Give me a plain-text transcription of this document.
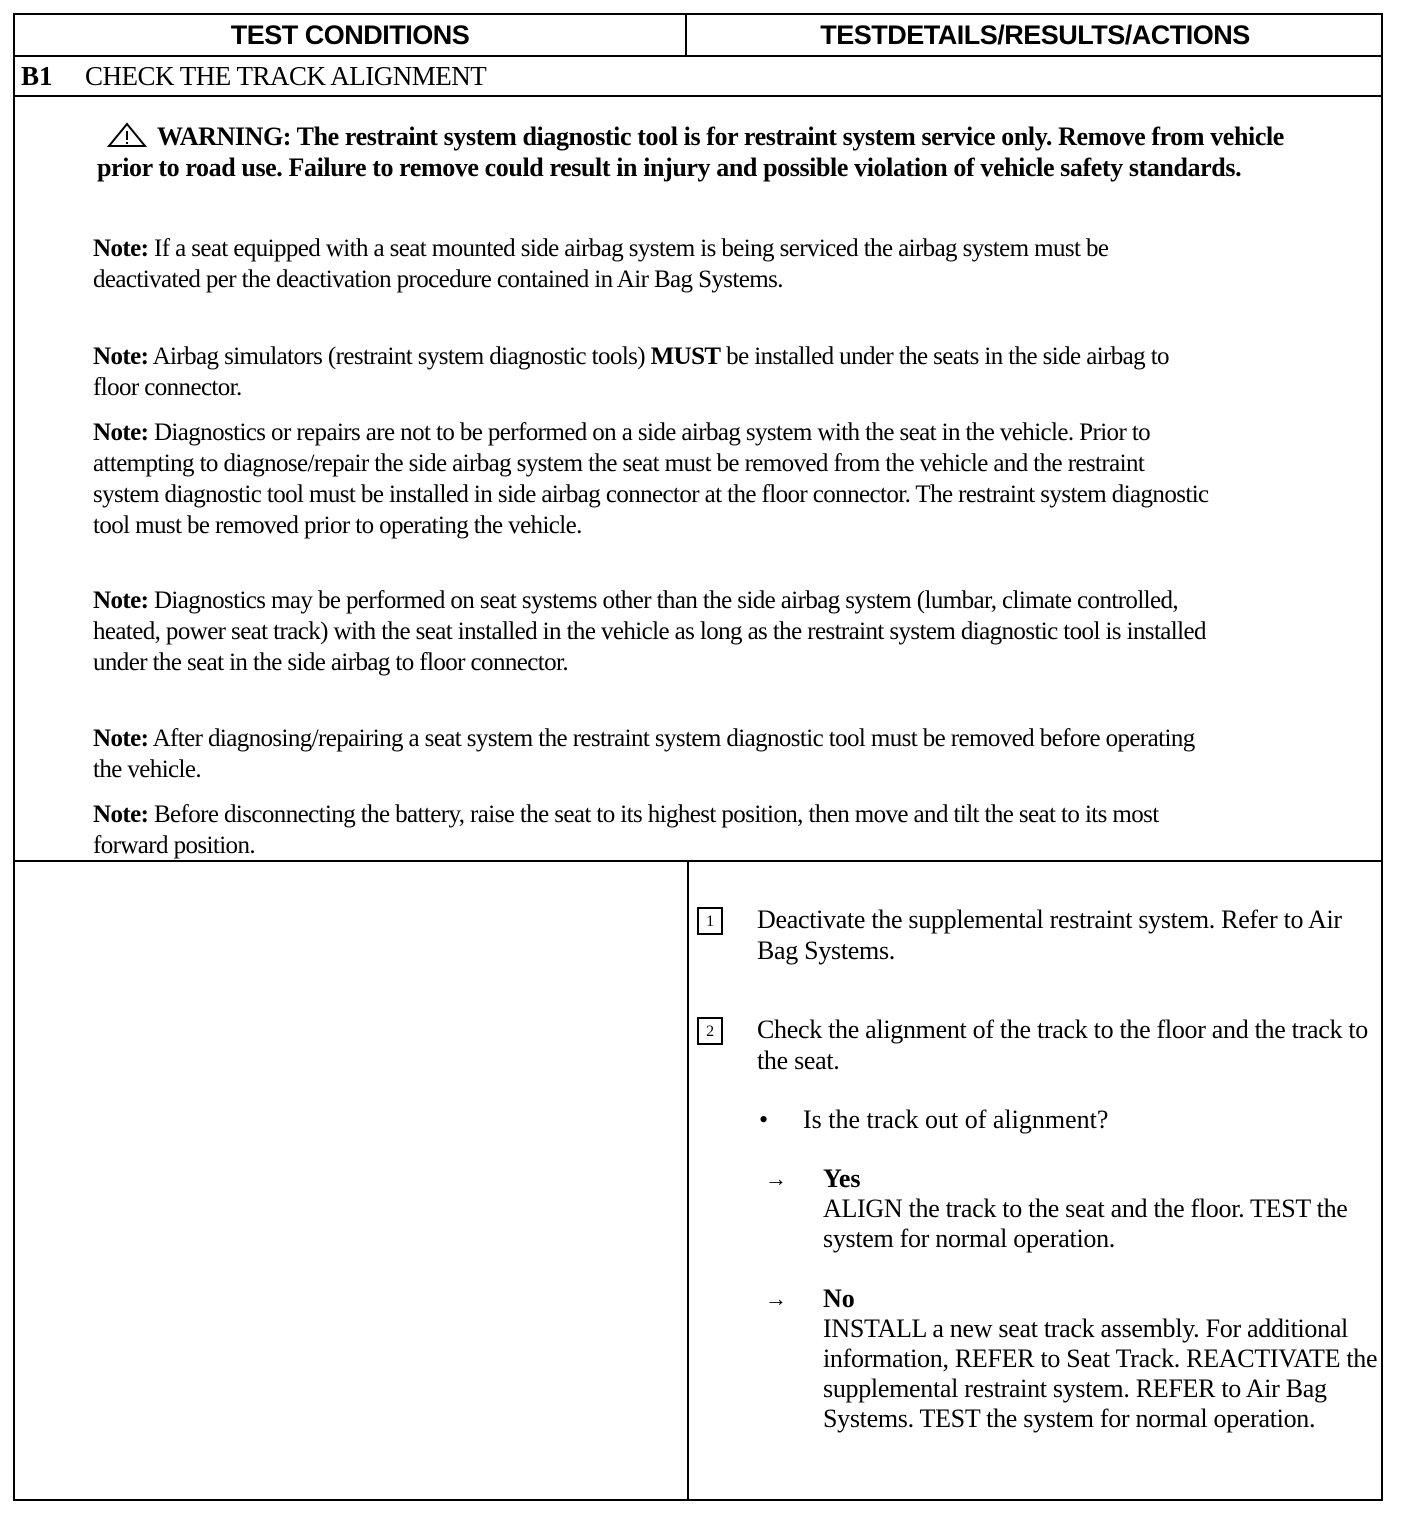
TEST CONDITIONS	TESTDETAILS/RESULTS/ACTIONS
B1	CHECK THE TRACK ALIGNMENT
WARNING: The restraint system diagnostic tool is for restraint system service only. Remove from vehicle prior to road use. Failure to remove could result in injury and possible violation of vehicle safety standards.
Note: If a seat equipped with a seat mounted side airbag system is being serviced the airbag system must be deactivated per the deactivation procedure contained in Air Bag Systems.
Note: Airbag simulators (restraint system diagnostic tools) MUST be installed under the seats in the side airbag to floor connector.
Note: Diagnostics or repairs are not to be performed on a side airbag system with the seat in the vehicle. Prior to attempting to diagnose/repair the side airbag system the seat must be removed from the vehicle and the restraint system diagnostic tool must be installed in side airbag connector at the floor connector. The restraint system diagnostic tool must be removed prior to operating the vehicle.
Note: Diagnostics may be performed on seat systems other than the side airbag system (lumbar, climate controlled, heated, power seat track) with the seat installed in the vehicle as long as the restraint system diagnostic tool is installed under the seat in the side airbag to floor connector.
Note: After diagnosing/repairing a seat system the restraint system diagnostic tool must be removed before operating the vehicle.
Note: Before disconnecting the battery, raise the seat to its highest position, then move and tilt the seat to its most forward position.
1	Deactivate the supplemental restraint system. Refer to Air Bag Systems.
2	Check the alignment of the track to the floor and the track to the seat.
• Is the track out of alignment?
→ Yes
ALIGN the track to the seat and the floor. TEST the system for normal operation.
→ No
INSTALL a new seat track assembly. For additional information, REFER to Seat Track. REACTIVATE the supplemental restraint system. REFER to Air Bag Systems. TEST the system for normal operation.
